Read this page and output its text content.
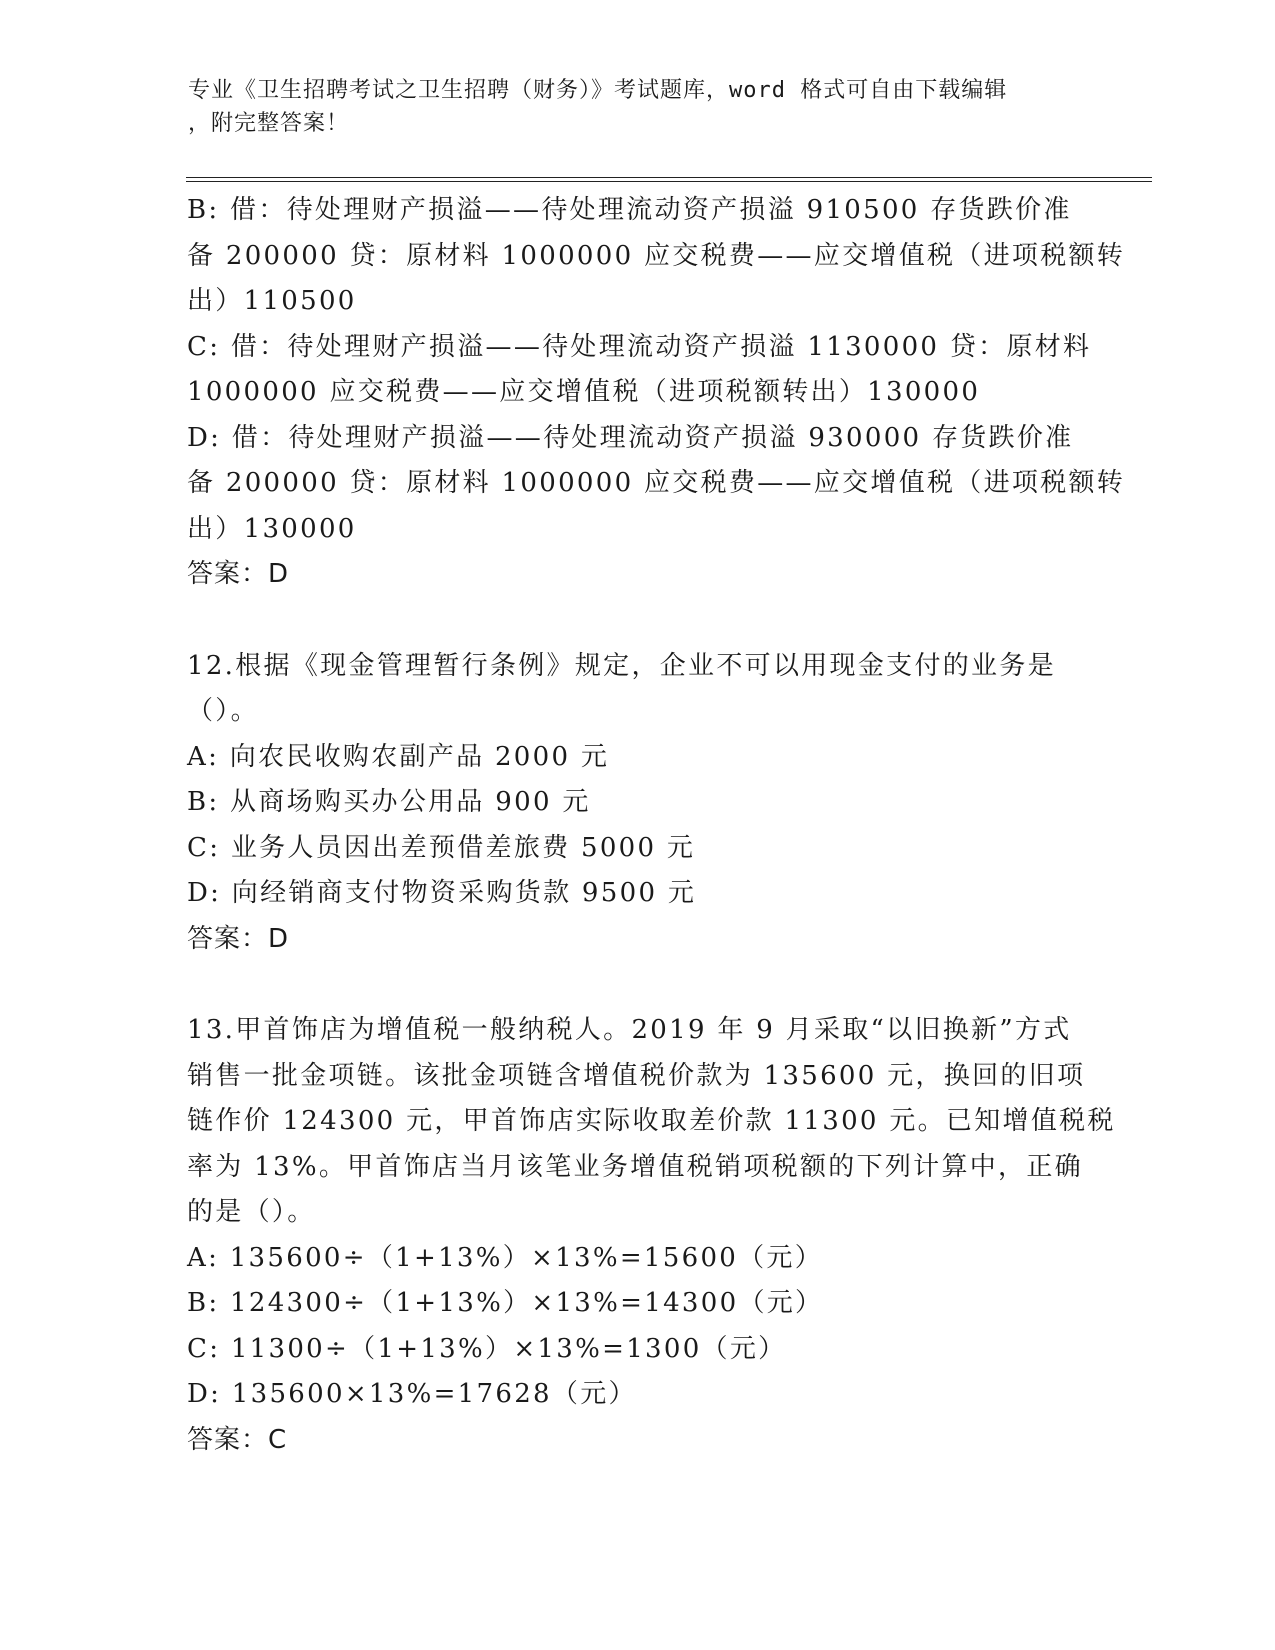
专业《卫生招聘考试之卫生招聘（财务）》考试题库，word 格式可自由下载编辑
，附完整答案！
B: 借：待处理财产损溢——待处理流动资产损溢 910500 存货跌价准
备 200000 贷：原材料 1000000 应交税费——应交增值税（进项税额转
出）110500
C: 借：待处理财产损溢——待处理流动资产损溢 1130000 贷：原材料
1000000 应交税费——应交增值税（进项税额转出）130000
D: 借：待处理财产损溢——待处理流动资产损溢 930000 存货跌价准
备 200000 贷：原材料 1000000 应交税费——应交增值税（进项税额转
出）130000
答案：D
12.根据《现金管理暂行条例》规定，企业不可以用现金支付的业务是
（）。
A: 向农民收购农副产品 2000 元
B: 从商场购买办公用品 900 元
C: 业务人员因出差预借差旅费 5000 元
D: 向经销商支付物资采购货款 9500 元
答案：D
13.甲首饰店为增值税一般纳税人。2019 年 9 月采取“以旧换新”方式
销售一批金项链。该批金项链含增值税价款为 135600 元，换回的旧项
链作价 124300 元，甲首饰店实际收取差价款 11300 元。已知增值税税
率为 13%。甲首饰店当月该笔业务增值税销项税额的下列计算中，正确
的是（）。
A: 135600÷（1+13%）×13%=15600（元）
B: 124300÷（1+13%）×13%=14300（元）
C: 11300÷（1+13%）×13%=1300（元）
D: 135600×13%=17628（元）
答案：C
